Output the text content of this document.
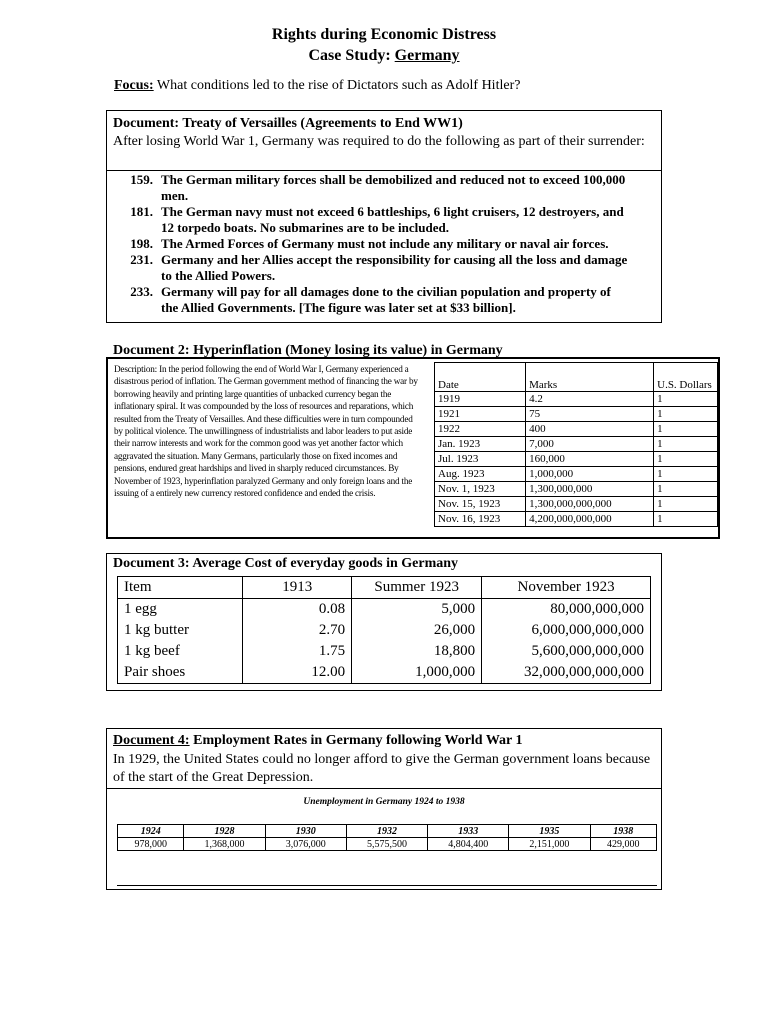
Rights during Economic Distress
Case Study: Germany
Focus: What conditions led to the rise of Dictators such as Adolf Hitler?
Document: Treaty of Versailles (Agreements to End WW1)
After losing World War 1, Germany was required to do the following as part of their surrender:
159. The German military forces shall be demobilized and reduced not to exceed 100,000 men.
181. The German navy must not exceed 6 battleships, 6 light cruisers, 12 destroyers, and 12 torpedo boats. No submarines are to be included.
198. The Armed Forces of Germany must not include any military or naval air forces.
231. Germany and her Allies accept the responsibility for causing all the loss and damage to the Allied Powers.
233. Germany will pay for all damages done to the civilian population and property of the Allied Governments. [The figure was later set at $33 billion].
Document 2: Hyperinflation (Money losing its value) in Germany
Description: In the period following the end of World War I, Germany experienced a disastrous period of inflation. The German government method of financing the war by borrowing heavily and printing large quantities of unbacked currency began the inflationary spiral. It was compounded by the loss of resources and reparations, which resulted from the Treaty of Versailles. And these difficulties were in turn compounded by political violence. The unwillingness of industrialists and labor leaders to put aside their narrow interests and work for the common good was yet another factor which aggravated the situation. Many Germans, particularly those on fixed incomes and pensions, endured great hardships and lived in sharply reduced circumstances. By November of 1923, hyperinflation paralyzed Germany and only foreign loans and the issuing of a entirely new currency restored confidence and ended the crisis.
Date	Marks	U.S. Dollars
1919	4.2	1
1921	75	1
1922	400	1
Jan. 1923	7,000	1
Jul. 1923	160,000	1
Aug. 1923	1,000,000	1
Nov. 1, 1923	1,300,000,000	1
Nov. 15, 1923	1,300,000,000,000	1
Nov. 16, 1923	4,200,000,000,000	1
Document 3: Average Cost of everyday goods in Germany
Item	1913	Summer 1923	November 1923
1 egg	0.08	5,000	80,000,000,000
1 kg butter	2.70	26,000	6,000,000,000,000
1 kg beef	1.75	18,800	5,600,000,000,000
Pair shoes	12.00	1,000,000	32,000,000,000,000
Document 4: Employment Rates in Germany following World War 1
In 1929, the United States could no longer afford to give the German government loans because of the start of the Great Depression.
Unemployment in Germany 1924 to 1938
1924	1928	1930	1932	1933	1935	1938
978,000	1,368,000	3,076,000	5,575,500	4,804,400	2,151,000	429,000
